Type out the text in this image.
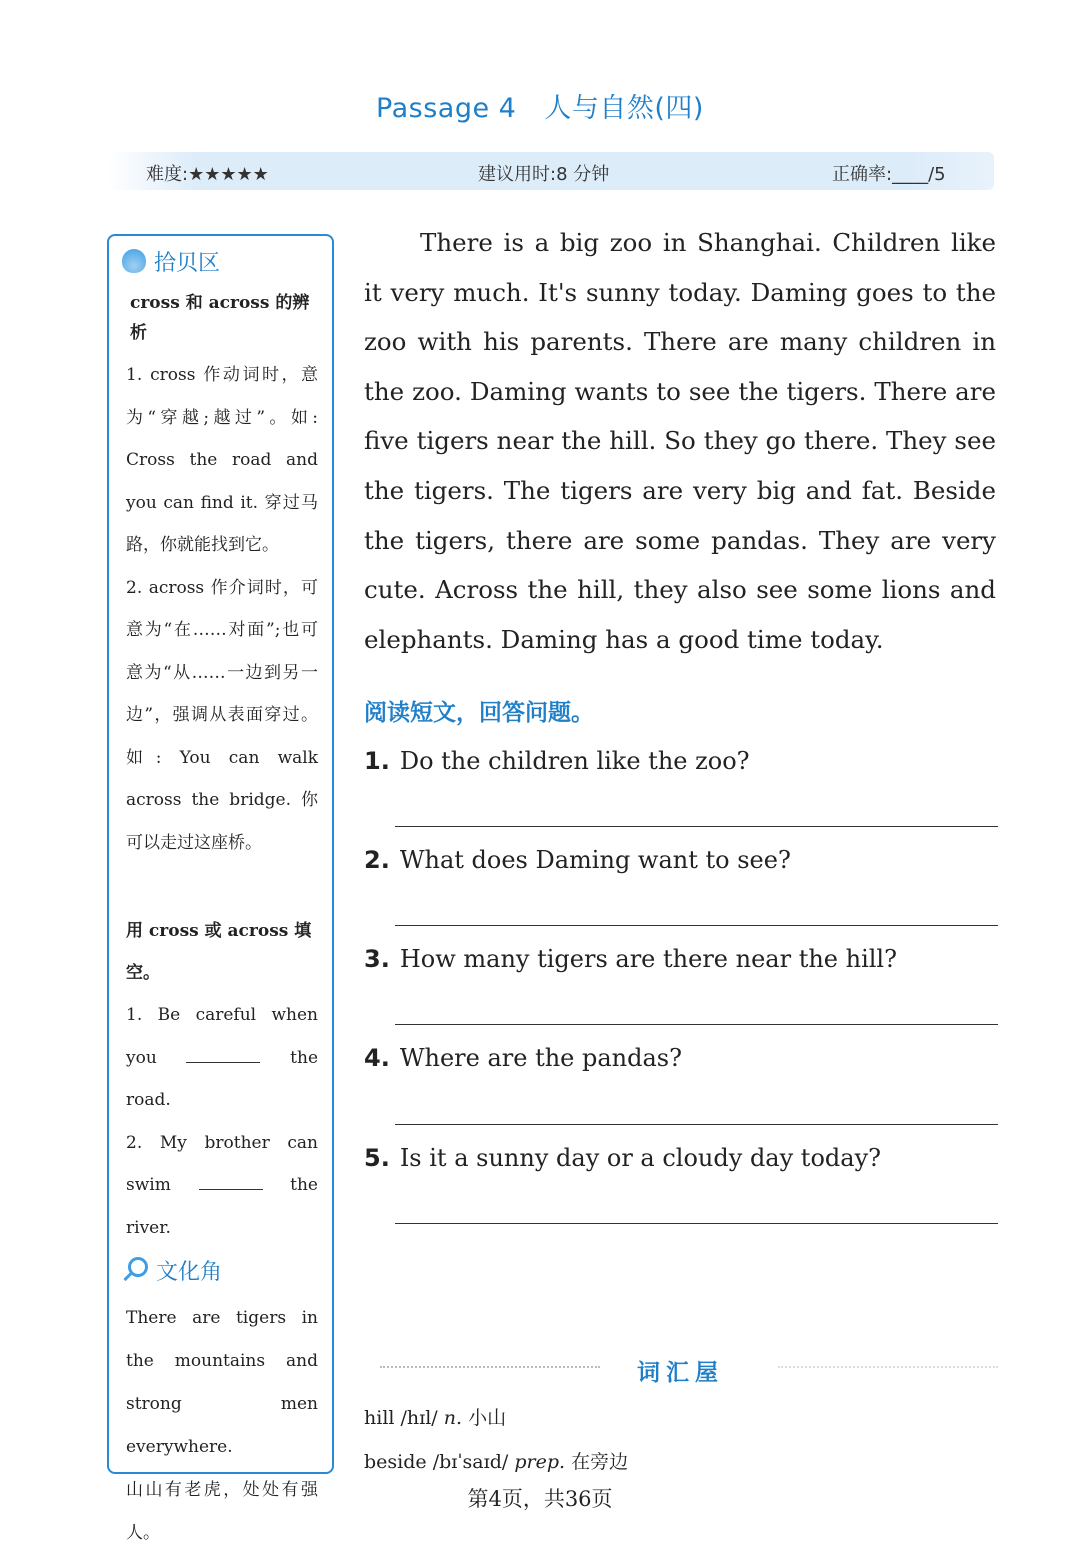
Passage 4 人与自然(四)
难度:★★★★★	建议用时:8 分钟	正确率:____/5
拾贝区
cross 和 across 的辨析
1. cross 作动词时，意为“穿越;越过”。如: Cross the road and you can find it. 穿过马路，你就能找到它。
2. across 作介词时，可意为“在……对面”;也可意为“从……一边到另一边”，强调从表面穿过。如: You can walk across the bridge. 你可以走过这座桥。
用 cross 或 across 填空。
1. Be careful when you	the road.
2. My brother can swim	the river.
文化角
There are tigers in the mountains and strong men everywhere.
山山有老虎，处处有强人。
There is a big zoo in Shanghai. Children like it very much. It's sunny today. Daming goes to the zoo with his parents. There are many children in the zoo. Daming wants to see the tigers. There are five tigers near the hill. So they go there. They see the tigers. The tigers are very big and fat. Beside the tigers, there are some pandas. They are very cute. Across the hill, they also see some lions and elephants. Daming has a good time today.
阅读短文，回答问题。
1. Do the children like the zoo?
2. What does Daming want to see?
3. How many tigers are there near the hill?
4. Where are the pandas?
5. Is it a sunny day or a cloudy day today?
词汇屋
hill /hɪl/ n. 小山
beside /bɪˈsaɪd/ prep. 在旁边
第4页，共36页
